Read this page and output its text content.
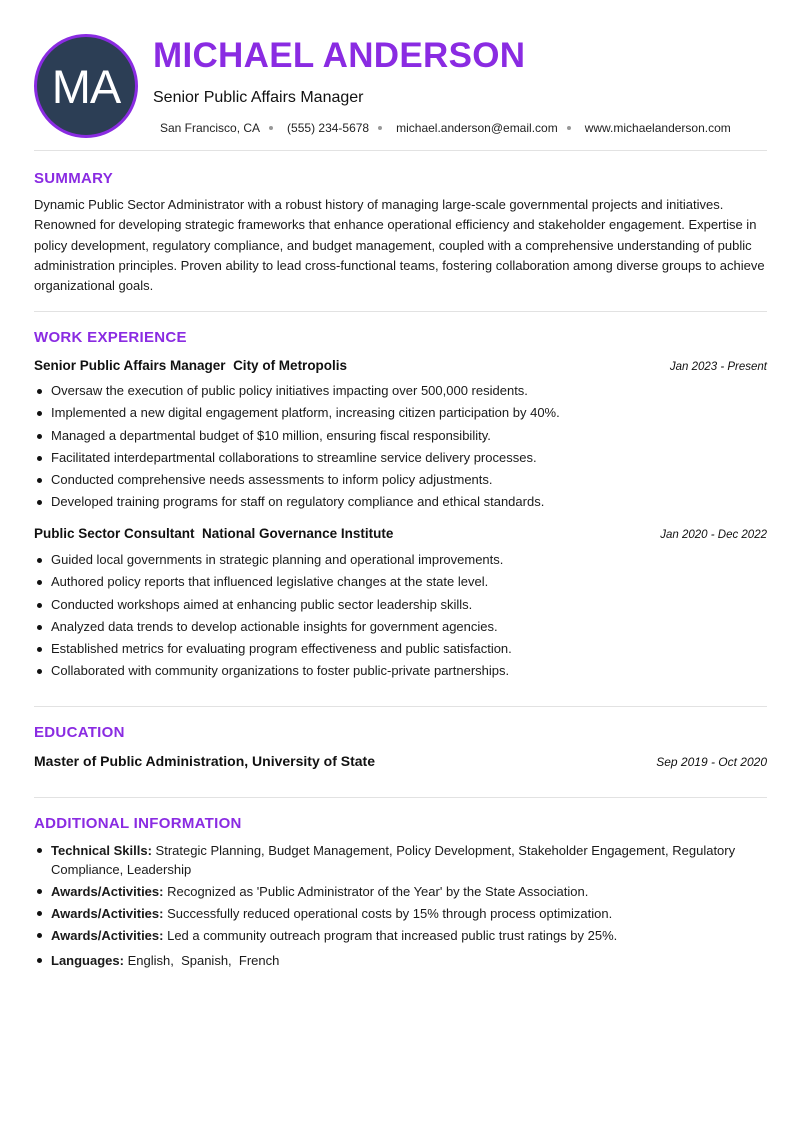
MA
MICHAEL ANDERSON
Senior Public Affairs Manager
San Francisco, CA (555) 234-5678 michael.anderson@email.com www.michaelanderson.com
SUMMARY
Dynamic Public Sector Administrator with a robust history of managing large-scale governmental projects and initiatives. Renowned for developing strategic frameworks that enhance operational efficiency and stakeholder engagement. Expertise in policy development, regulatory compliance, and budget management, coupled with a comprehensive understanding of public administration principles. Proven ability to lead cross-functional teams, fostering collaboration among diverse groups to achieve organizational goals.
WORK EXPERIENCE
Senior Public Affairs Manager City of Metropolis	Jan 2023 - Present
Oversaw the execution of public policy initiatives impacting over 500,000 residents.
Implemented a new digital engagement platform, increasing citizen participation by 40%.
Managed a departmental budget of $10 million, ensuring fiscal responsibility.
Facilitated interdepartmental collaborations to streamline service delivery processes.
Conducted comprehensive needs assessments to inform policy adjustments.
Developed training programs for staff on regulatory compliance and ethical standards.
Public Sector Consultant National Governance Institute	Jan 2020 - Dec 2022
Guided local governments in strategic planning and operational improvements.
Authored policy reports that influenced legislative changes at the state level.
Conducted workshops aimed at enhancing public sector leadership skills.
Analyzed data trends to develop actionable insights for government agencies.
Established metrics for evaluating program effectiveness and public satisfaction.
Collaborated with community organizations to foster public-private partnerships.
EDUCATION
Master of Public Administration, University of State	Sep 2019 - Oct 2020
ADDITIONAL INFORMATION
Technical Skills: Strategic Planning, Budget Management, Policy Development, Stakeholder Engagement, Regulatory Compliance, Leadership
Awards/Activities: Recognized as 'Public Administrator of the Year' by the State Association.
Awards/Activities: Successfully reduced operational costs by 15% through process optimization.
Awards/Activities: Led a community outreach program that increased public trust ratings by 25%.
Languages: English,  Spanish,  French
